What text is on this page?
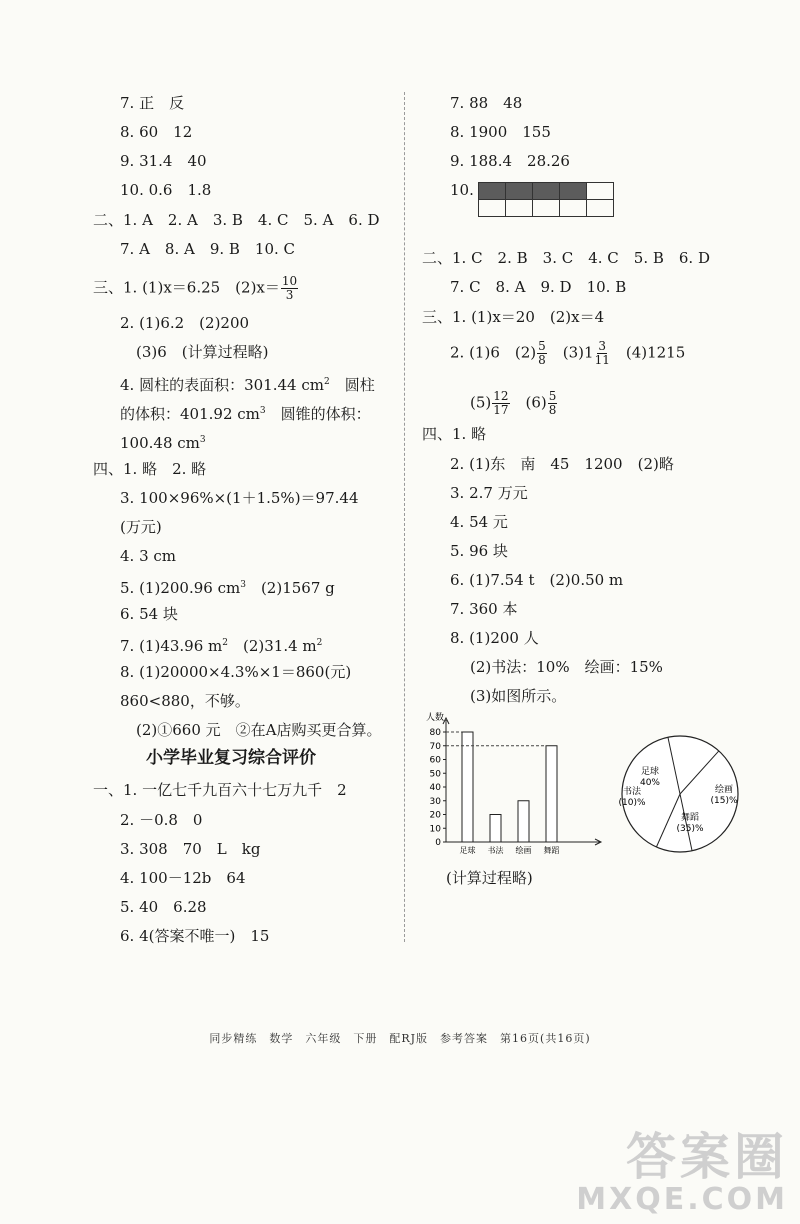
7. 正　反
8. 60　12
9. 31.4　40
10. 0.6　1.8
二、1. A　2. A　3. B　4. C　5. A　6. D
7. A　8. A　9. B　10. C
三、1. (1)x＝6.25　$(2)x= \frac{10}{3}$
2. (1)6.2　(2)200
(3)6　(计算过程略)
4. 圆柱的表面积：301.44 $cm^2$　圆柱
的体积：401.92 $cm^3$　圆锥的体积：
100.48 $cm^3$
四、1. 略　2. 略
3. 100×96%×(1＋1.5%)＝97.44
(万元)
4. 3 cm
5. (1)200.96 $cm^3$　(2)1567 g
6. 54 块
7. (1)43.96 $m^2$　(2)31.4 $m^2$
8. (1)20000×4.3%×1＝860(元)
860<880，不够。
(2)①660 元　②在A店购买更合算。
小学毕业复习综合评价
一、1. 一亿七千九百六十七万九千　2
2. －0.8　0
3. 308　70　L　kg
4. 100－12b　64
5. 40　6.28
6. 4(答案不唯一)　15
7. 88　48
8. 1900　155
9. 188.4　28.26
10.
二、1. C　2. B　3. C　4. C　5. B　6. D
7. C　8. A　9. D　10. B
三、1. (1)x＝20　(2)x＝4
2. (1)6　$(2) \frac{5}{8}$ 　$(3)1 \frac{3}{11}$ 　(4)1215
$(5) \frac{12}{17}$ 　$(6) \frac{5}{8}$
四、1. 略
2. (1)东　南　45　1200　(2)略
3. 2.7 万元
4. 54 元
5. 96 块
6. (1)7.54 t　(2)0.50 m
7. 360 本
8. (1)200 人
(2)书法：10%　绘画：15%
(3)如图所示。
人数
0
10
20
30
40
50
60
70
80
足球 书法 绘画 舞蹈
足球
40%
书法
(10)%
绘画
(15)%
舞蹈
(35)%
(计算过程略)
同步精练　数学　六年级　下册　配RJ版　参考答案　第16页(共16页)
答案圈
MXQE.COM
